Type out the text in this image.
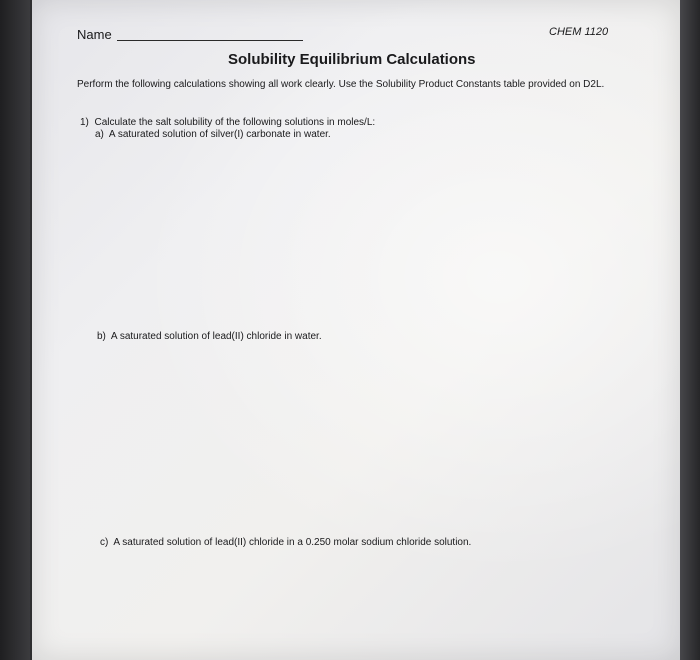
Name	CHEM 1120
Solubility Equilibrium Calculations
Perform the following calculations showing all work clearly. Use the Solubility Product Constants table provided on D2L.
1) Calculate the salt solubility of the following solutions in moles/L:
a) A saturated solution of silver(I) carbonate in water.
b) A saturated solution of lead(II) chloride in water.
c) A saturated solution of lead(II) chloride in a 0.250 molar sodium chloride solution.
